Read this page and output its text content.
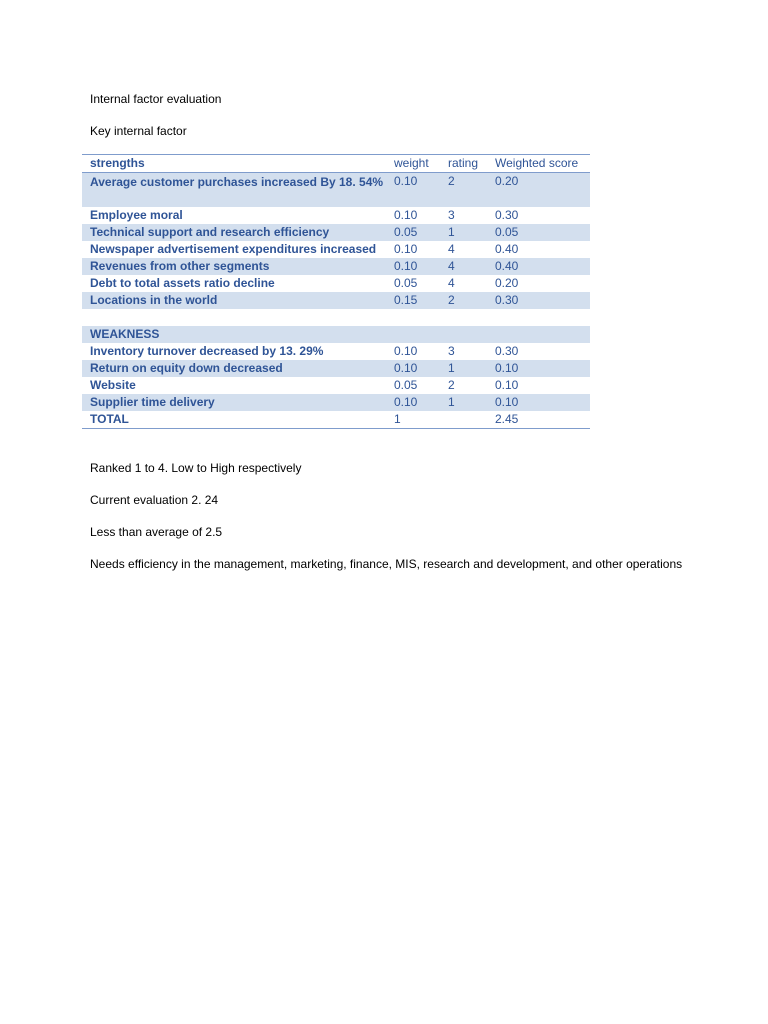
Internal factor evaluation
Key internal factor
strengths	weight	rating	Weighted score
Average customer purchases increased By 18. 54%	0.10	2	0.20
Employee moral	0.10	3	0.30
Technical support and research efficiency	0.05	1	0.05
Newspaper advertisement expenditures increased	0.10	4	0.40
Revenues from other segments	0.10	4	0.40
Debt to total assets ratio decline	0.05	4	0.20
Locations in the world	0.15	2	0.30

WEAKNESS			
Inventory turnover decreased by 13. 29%	0.10	3	0.30
Return on equity down decreased	0.10	1	0.10
Website	0.05	2	0.10
Supplier time delivery	0.10	1	0.10
TOTAL	1		2.45
Ranked 1 to 4. Low to High respectively
Current evaluation 2. 24
Less than average of 2.5
Needs efficiency in the management, marketing, finance, MIS, research and development, and other operations
